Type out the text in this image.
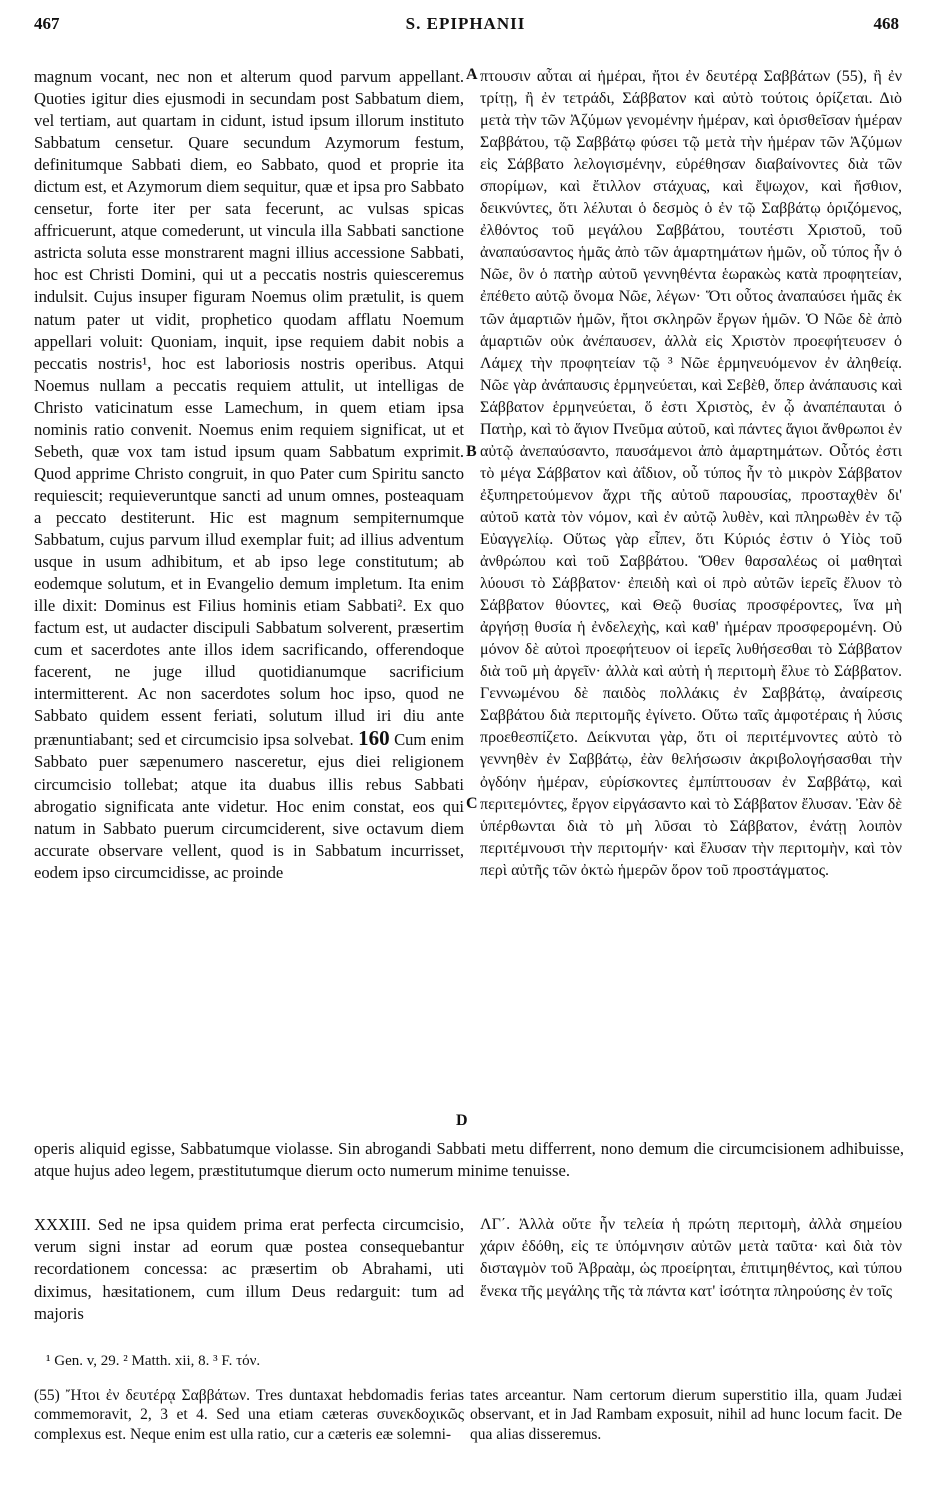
467	S. EPIPHANII	468
A
B
C
D

magnum vocant, nec non et alterum quod parvum appellant. Quoties igitur dies ejusmodi in secundam post Sabbatum diem, vel tertiam, aut quartam in cidunt, istud ipsum illorum instituto Sabbatum censetur. Quare secundum Azymorum festum, definitumque Sabbati diem, eo Sabbato, quod et proprie ita dictum est, et Azymorum diem sequitur, quæ et ipsa pro Sabbato censetur, forte iter per sata fecerunt, ac vulsas spicas affricuerunt, atque comederunt, ut vincula illa Sabbati sanctione astricta soluta esse monstrarent magni illius accessione Sabbati, hoc est Christi Domini, qui ut a peccatis nostris quiesceremus indulsit. Cujus insuper figuram Noemus olim prætulit, is quem natum pater ut vidit, prophetico quodam afflatu Noemum appellari voluit: Quoniam, inquit, ipse requiem dabit nobis a peccatis nostris¹, hoc est laboriosis nostris operibus. Atqui Noemus nullam a peccatis requiem attulit, ut intelligas de Christo vaticinatum esse Lamechum, in quem etiam ipsa nominis ratio convenit. Noemus enim requiem significat, ut et Sebeth, quæ vox tam istud ipsum quam Sabbatum exprimit. Quod apprime Christo congruit, in quo Pater cum Spiritu sancto requiescit; requieveruntque sancti ad unum omnes, posteaquam a peccato destiterunt. Hic est magnum sempiternumque Sabbatum, cujus parvum illud exemplar fuit; ad illius adventum usque in usum adhibitum, et ab ipso lege constitutum; ab eodemque solutum, et in Evangelio demum impletum. Ita enim ille dixit: Dominus est Filius hominis etiam Sabbati². Ex quo factum est, ut audacter discipuli Sabbatum solverent, præsertim cum et sacerdotes ante illos idem sacrificando, offerendoque facerent, ne juge illud quotidianumque sacrificium intermitterent. Ac non sacerdotes solum hoc ipso, quod ne Sabbato quidem essent feriati, solutum illud iri diu ante prænuntiabant; sed et circumcisio ipsa solvebat. 160 Cum enim Sabbato puer sæpenumero nasceretur, ejus diei religionem circumcisio tollebat; atque ita duabus illis rebus Sabbati abrogatio significata ante videtur. Hoc enim constat, eos qui natum in Sabbato puerum circumciderent, sive octavum diem accurate observare vellent, quod is in Sabbatum incurrisset, eodem ipso circumcidisse, ac proinde

πτουσιν αὗται αἱ ἡμέραι, ἤτοι ἐν δευτέρᾳ Σαββάτων (55), ἢ ἐν τρίτῃ, ἢ ἐν τετράδι, Σάββατον καὶ αὐτὸ τούτοις ὁρίζεται. Διὸ μετὰ τὴν τῶν Ἀζύμων γενομένην ἡμέραν, καὶ ὁρισθεῖσαν ἡμέραν Σαββάτου, τῷ Σαββάτῳ φύσει τῷ μετὰ τὴν ἡμέραν τῶν Ἀζύμων εἰς Σάββατο λελογισμένην, εὑρέθησαν διαβαίνοντες διὰ τῶν σπορίμων, καὶ ἔτιλλον στάχυας, καὶ ἔψωχον, καὶ ἤσθιον, δεικνύντες, ὅτι λέλυται ὁ δεσμὸς ὁ ἐν τῷ Σαββάτῳ ὁριζόμενος, ἐλθόντος τοῦ μεγάλου Σαββάτου, τουτέστι Χριστοῦ, τοῦ ἀναπαύσαντος ἡμᾶς ἀπὸ τῶν ἁμαρτημάτων ἡμῶν, οὗ τύπος ἦν ὁ Νῶε, ὃν ὁ πατὴρ αὐτοῦ γεννηθέντα ἑωρακὼς κατὰ προφητείαν, ἐπέθετο αὐτῷ ὄνομα Νῶε, λέγων· Ὅτι οὗτος ἀναπαύσει ἡμᾶς ἐκ τῶν ἁμαρτιῶν ἡμῶν, ἤτοι σκληρῶν ἔργων ἡμῶν. Ὁ Νῶε δὲ ἀπὸ ἁμαρτιῶν οὐκ ἀνέπαυσεν, ἀλλὰ εἰς Χριστὸν προεφήτευσεν ὁ Λάμεχ τὴν προφητείαν τῷ ³ Νῶε ἑρμηνευόμενον ἐν ἀληθείᾳ. Νῶε γὰρ ἀνάπαυσις ἑρμηνεύεται, καὶ Σεβὲθ, ὅπερ ἀνάπαυσις καὶ Σάββατον ἑρμηνεύεται, ὅ ἐστι Χριστὸς, ἐν ᾧ ἀναπέπαυται ὁ Πατὴρ, καὶ τὸ ἅγιον Πνεῦμα αὐτοῦ, καὶ πάντες ἅγιοι ἄνθρωποι ἐν αὐτῷ ἀνεπαύσαντο, παυσάμενοι ἀπὸ ἁμαρτημάτων. Οὗτός ἐστι τὸ μέγα Σάββατον καὶ ἀΐδιον, οὗ τύπος ἦν τὸ μικρὸν Σάββατον ἐξυπηρετούμενον ἄχρι τῆς αὐτοῦ παρουσίας, προσταχθὲν δι' αὐτοῦ κατὰ τὸν νόμον, καὶ ἐν αὐτῷ λυθὲν, καὶ πληρωθὲν ἐν τῷ Εὐαγγελίῳ. Οὕτως γὰρ εἶπεν, ὅτι Κύριός ἐστιν ὁ Υἱὸς τοῦ ἀνθρώπου καὶ τοῦ Σαββάτου. Ὅθεν θαρσαλέως οἱ μαθηταὶ λύουσι τὸ Σάββατον· ἐπειδὴ καὶ οἱ πρὸ αὐτῶν ἱερεῖς ἔλυον τὸ Σάββατον θύοντες, καὶ Θεῷ θυσίας προσφέροντες, ἵνα μὴ ἀργήσῃ θυσία ἡ ἐνδελεχὴς, καὶ καθ' ἡμέραν προσφερομένη. Οὐ μόνον δὲ αὐτοὶ προεφήτευον οἱ ἱερεῖς λυθήσεσθαι τὸ Σάββατον διὰ τοῦ μὴ ἀργεῖν· ἀλλὰ καὶ αὐτὴ ἡ περιτομὴ ἔλυε τὸ Σάββατον. Γεννωμένου δὲ παιδὸς πολλάκις ἐν Σαββάτῳ, ἀναίρεσις Σαββάτου διὰ περιτομῆς ἐγίνετο. Οὕτω ταῖς ἀμφοτέραις ἡ λύσις προεθεσπίζετο. Δείκνυται γὰρ, ὅτι οἱ περιτέμνοντες αὐτὸ τὸ γεννηθὲν ἐν Σαββάτῳ, ἐὰν θελήσωσιν ἀκριβολογήσασθαι τὴν ὀγδόην ἡμέραν, εὑρίσκοντες ἐμπίπτουσαν ἐν Σαββάτῳ, καὶ περιτεμόντες, ἔργον εἰργάσαντο καὶ τὸ Σάββατον ἔλυσαν. Ἐὰν δὲ ὑπέρθωνται διὰ τὸ μὴ λῦσαι τὸ Σάββατον, ἐνάτῃ λοιπὸν περιτέμνουσι τὴν περιτομήν· καὶ ἔλυσαν τὴν περιτομὴν, καὶ τὸν περὶ αὐτῆς τῶν ὀκτὼ ἡμερῶν ὅρον τοῦ προστάγματος.

operis aliquid egisse, Sabbatumque violasse. Sin abrogandi Sabbati metu differrent, nono demum die circumcisionem adhibuisse, atque hujus adeo legem, præstitutumque dierum octo numerum minime tenuisse.
XXXIII. Sed ne ipsa quidem prima erat perfecta circumcisio, verum signi instar ad eorum quæ postea consequebantur recordationem concessa: ac præsertim ob Abrahami, uti diximus, hæsitationem, cum illum Deus redarguit: tum ad majoris
ΛΓ΄. Ἀλλὰ οὔτε ἦν τελεία ἡ πρώτη περιτομὴ, ἀλλὰ σημείου χάριν ἐδόθη, εἰς τε ὑπόμνησιν αὐτῶν μετὰ ταῦτα· καὶ διὰ τὸν δισταγμὸν τοῦ Ἀβραὰμ, ὡς προείρηται, ἐπιτιμηθέντος, καὶ τύπου ἕνεκα τῆς μεγάλης τῆς τὰ πάντα κατ' ἰσότητα πληρούσης ἐν τοῖς
¹ Gen. v, 29. ² Matth. xii, 8. ³ F. τόν.
(55) Ἤτοι ἐν δευτέρᾳ Σαββάτων. Tres duntaxat hebdomadis ferias commemoravit, 2, 3 et 4. Sed una etiam cæteras συνεκδοχικῶς complexus est. Neque enim est ulla ratio, cur a cæteris eæ solemni-
tates arceantur. Nam certorum dierum superstitio illa, quam Judæi observant, et in Jad Rambam exposuit, nihil ad hunc locum facit. De qua alias disseremus.
